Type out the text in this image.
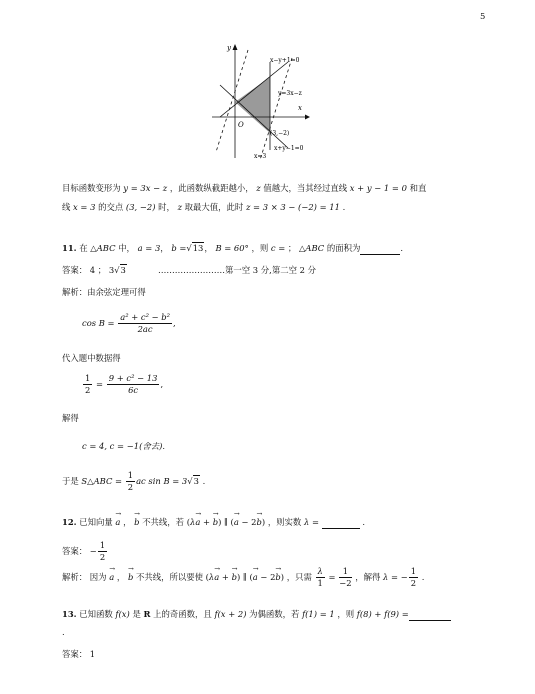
5
y
x
O
x−y+1=0
y=3x−z
(3,−2)
x=3
x+y−1=0
目标函数变形为 y = 3x − z ，此函数纵截距越小， z 值越大，当其经过直线 x + y − 1 = 0 和直
线 x = 3 的交点 (3, −2) 时， z 取最大值，此时 z = 3 × 3 − (−2) = 11 .
11. 在 △ABC 中， a = 3， b =√13， B = 60° ，则 c = ； △ABC 的面积为	.
答案： 4 ； 3√3	……………………第一空 3 分,第二空 2 分
解析：由余弦定理可得
$\cos B = \frac{\text{a² + c² − b²}}{2ac}$ ,
代入题中数据得
$\frac{1}{2} = \frac{\text{9 + c² − 13}}{6c}$ ,
解得
c = 4, c = −1(舍去).
于是 S△ABC = $\frac{1}{2}$ ac sin B = 3√3 .
12. 已知向量 → a ， → b 不共线，若 (λ→ a + → b) ∥ (→ a − 2→ b) ，则实数 λ =	.
答案： − $\frac{1}{2}$
解析： 因为 → a ， → b 不共线，所以要使 (λ→ a + → b) ∥ (→ a − 2→ b) ，只需 $\frac{\lambda}{1} = \frac{1}{-2}$ ，解得 λ = − $\frac{1}{2}$ .
13. 已知函数 f(x) 是 R 上的奇函数，且 f(x + 2) 为偶函数，若 f(1) = 1 ，则 f(8) + f(9) =
.
答案： 1
